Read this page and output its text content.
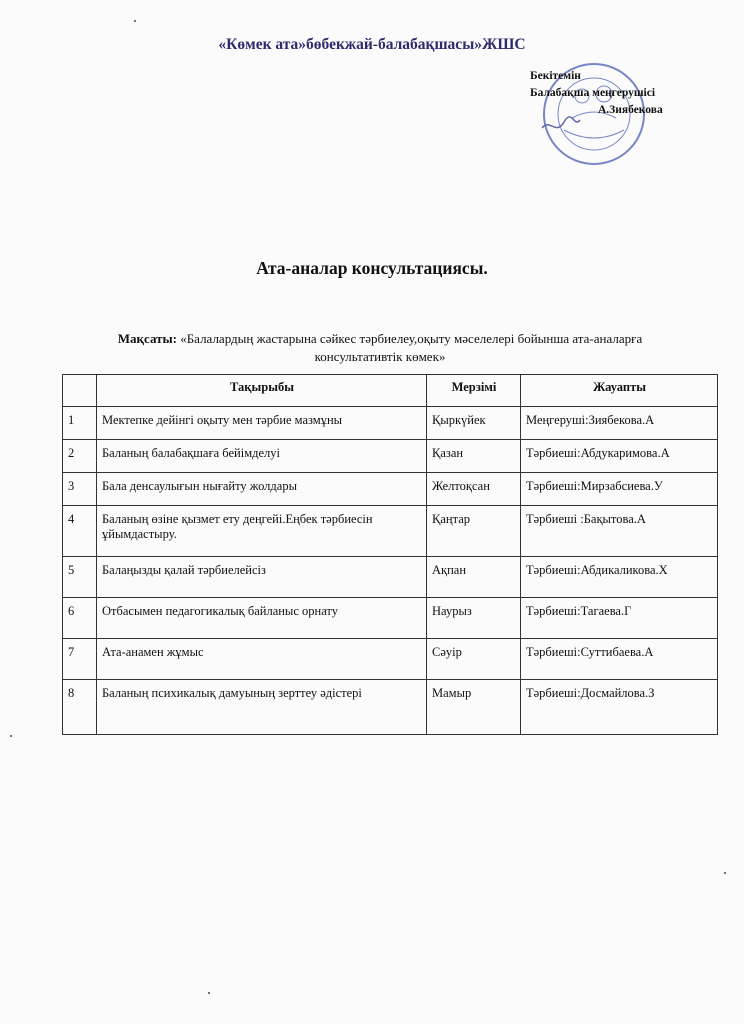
«Көмек ата»бөбекжай-балабақшасы»ЖШС
Бекітемін
Балабақша меңгерушісі
А.Зиябекова
Ата-аналар консультациясы.
Мақсаты: «Балалардың жастарына сәйкес тәрбиелеу,оқыту мәселелері бойынша ата-аналарға консультативтік көмек»
	Тақырыбы	Мерзімі	Жауапты
1	Мектепке дейінгі оқыту мен тәрбие мазмұны	Қыркүйек	Меңгеруші:Зиябекова.А
2	Баланың балабақшаға бейімделуі	Қазан	Тәрбиеші:Абдукаримова.А
3	Бала денсаулығын нығайту жолдары	Желтоқсан	Тәрбиеші:Мирзабсиева.У
4	Баланың өзіне қызмет ету деңгейі.Еңбек тәрбиесін ұйымдастыру.	Қаңтар	Тәрбиеші :Бақытова.А
5	Балаңызды қалай тәрбиелейсіз	Ақпан	Тәрбиеші:Абдикаликова.Х
6	Отбасымен педагогикалық байланыс орнату	Наурыз	Тәрбиеші:Тагаева.Г
7	Ата-анамен жұмыс	Сәуір	Тәрбиеші:Суттибаева.А
8	Баланың психикалық дамуының зерттеу әдістері	Мамыр	Тәрбиеші:Досмайлова.З
